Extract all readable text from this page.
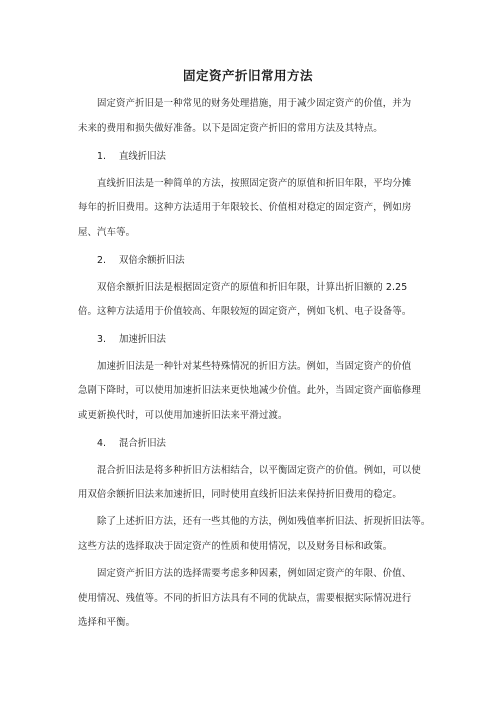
固定资产折旧常用方法
固定资产折旧是一种常见的财务处理措施，用于减少固定资产的价值，并为
未来的费用和损失做好准备。以下是固定资产折旧的常用方法及其特点。
1. 直线折旧法
直线折旧法是一种简单的方法，按照固定资产的原值和折旧年限，平均分摊
每年的折旧费用。这种方法适用于年限较长、价值相对稳定的固定资产，例如房
屋、汽车等。
2. 双倍余额折旧法
双倍余额折旧法是根据固定资产的原值和折旧年限，计算出折旧额的 2.25
倍。这种方法适用于价值较高、年限较短的固定资产，例如飞机、电子设备等。
3. 加速折旧法
加速折旧法是一种针对某些特殊情况的折旧方法。例如，当固定资产的价值
急剧下降时，可以使用加速折旧法来更快地减少价值。此外，当固定资产面临修理
或更新换代时，可以使用加速折旧法来平滑过渡。
4. 混合折旧法
混合折旧法是将多种折旧方法相结合，以平衡固定资产的价值。例如，可以使
用双倍余额折旧法来加速折旧，同时使用直线折旧法来保持折旧费用的稳定。
除了上述折旧方法，还有一些其他的方法，例如残值率折旧法、折现折旧法等。
这些方法的选择取决于固定资产的性质和使用情况，以及财务目标和政策。
固定资产折旧方法的选择需要考虑多种因素，例如固定资产的年限、价值、
使用情况、残值等。不同的折旧方法具有不同的优缺点，需要根据实际情况进行
选择和平衡。
